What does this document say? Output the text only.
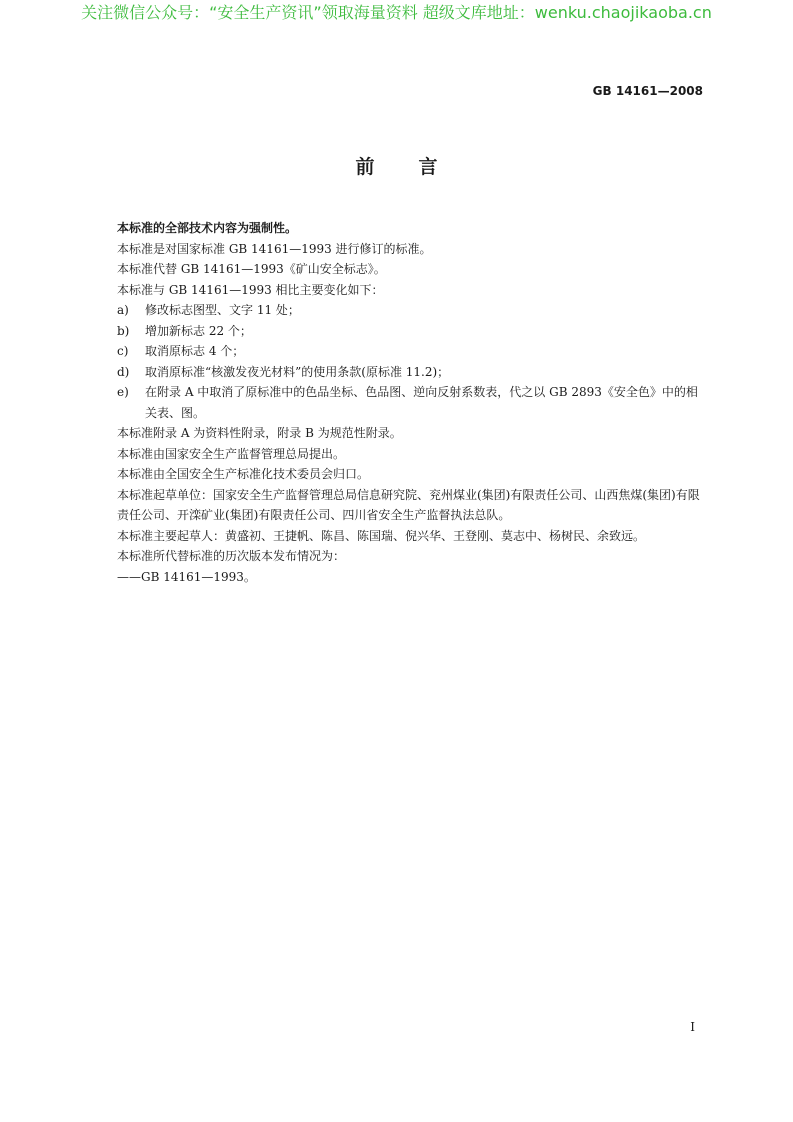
关注微信公众号：“安全生产资讯”领取海量资料 超级文库地址：wenku.chaojikaoba.cn
GB 14161—2008
前言

本标准的全部技术内容为强制性。

本标准是对国家标准 GB 14161—1993 进行修订的标准。

本标准代替 GB 14161—1993《矿山安全标志》。

本标准与 GB 14161—1993 相比主要变化如下：

a)	修改标志图型、文字 11 处；
b)	增加新标志 22 个；
c)	取消原标志 4 个；
d)	取消原标准“核激发夜光材料”的使用条款(原标准 11.2)；
e)	在附录 A 中取消了原标准中的色品坐标、色品图、逆向反射系数表，代之以 GB 2893《安全色》中的相关表、图。

本标准附录 A 为资料性附录，附录 B 为规范性附录。

本标准由国家安全生产监督管理总局提出。

本标准由全国安全生产标准化技术委员会归口。

本标准起草单位：国家安全生产监督管理总局信息研究院、兖州煤业(集团)有限责任公司、山西焦煤(集团)有限责任公司、开滦矿业(集团)有限责任公司、四川省安全生产监督执法总队。

本标准主要起草人：黄盛初、王捷帆、陈昌、陈国瑞、倪兴华、王登刚、莫志中、杨树民、余致远。

本标准所代替标准的历次版本发布情况为：

——GB 14161—1993。

I
